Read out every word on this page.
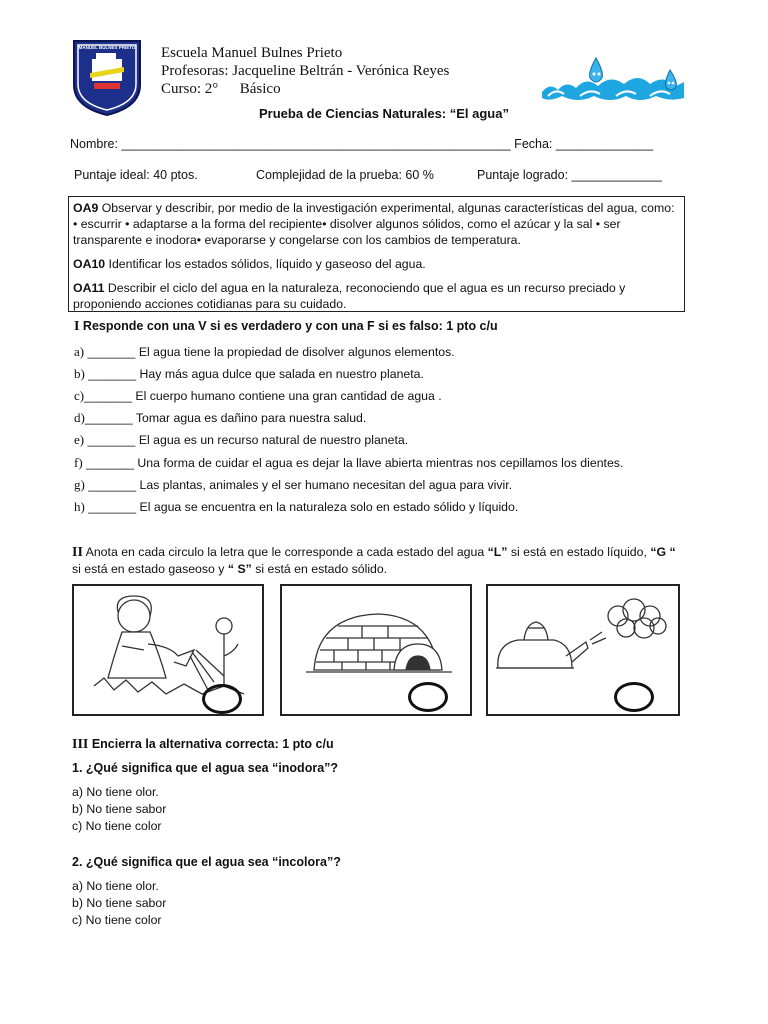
MANUEL BULNES PRIETO	Escuela Manuel Bulnes Prieto
Profesoras: Jacqueline Beltrán - Verónica Reyes
Curso: 2° Básico
Prueba de Ciencias Naturales: “El agua”
Nombre: ________________________________________________________ Fecha: ______________
Puntaje ideal: 40 ptos.	Complejidad de la prueba: 60 %	Puntaje logrado: _____________

OA9 Observar y describir, por medio de la investigación experimental, algunas características del agua, como: • escurrir • adaptarse a la forma del recipiente• disolver algunos sólidos, como el azúcar y la sal • ser transparente e inodora• evaporarse y congelarse con los cambios de temperatura.

OA10 Identificar los estados sólidos, líquido y gaseoso del agua.

OA11 Describir el ciclo del agua en la naturaleza, reconociendo que el agua es un recurso preciado y proponiendo acciones cotidianas para su cuidado.

I Responde con una V si es verdadero y con una F si es falso: 1 pto c/u
a) _______ El agua tiene la propiedad de disolver algunos elementos.
b) _______ Hay más agua dulce que salada en nuestro planeta.
c)_______ El cuerpo humano contiene una gran cantidad de agua .
d)_______ Tomar agua es dañino para nuestra salud.
e) _______ El agua es un recurso natural de nuestro planeta.
f) _______ Una forma de cuidar el agua es dejar la llave abierta mientras nos cepillamos los dientes.
g) _______ Las plantas, animales y el ser humano necesitan del agua para vivir.
h) _______ El agua se encuentra en la naturaleza solo en estado sólido y líquido.
II Anota en cada circulo la letra que le corresponde a cada estado del agua “L” si está en estado líquido, “G “ si está en estado gaseoso y “ S” si está en estado sólido.
III Encierra la alternativa correcta: 1 pto c/u
1. ¿Qué significa que el agua sea “inodora”?
a) No tiene olor.
b) No tiene sabor
c) No tiene color
2. ¿Qué significa que el agua sea “incolora”?
a) No tiene olor.
b) No tiene sabor
c) No tiene color
